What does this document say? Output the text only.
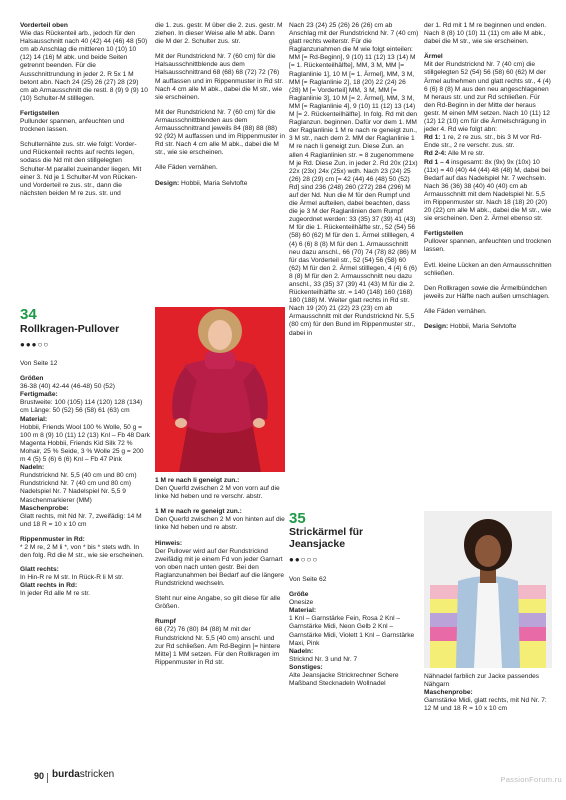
Vorderteil oben
Wie das Rückenteil arb., jedoch für den Halsausschnitt nach 40 (42) 44 (46) 48 (50) cm ab Anschlag die mittleren 10 (10) 10 (12) 14 (16) M abk. und beide Seiten getrennt beenden. Für die Ausschnittrundung in jeder 2. R 5x 1 M betont abn. Nach 24 (25) 26 (27) 28 (29) cm ab Armausschnitt die restl. 8 (9) 9 (9) 10 (10) Schulter-M stilllegen.

Fertigstellen
Pullunder spannen, anfeuchten und trocknen lassen.

Schulternähte zus. str. wie folgt: Vorder- und Rückenteil rechts auf rechts legen, sodass die Nd mit den stillgelegten Schulter-M parallel zueinander liegen. Mit einer 3. Nd je 1 Schulter-M von Rücken- und Vorderteil re zus. str., dann die nächsten beiden M re zus. str. und

die 1. zus. gestr. M über die 2. zus. gestr. M ziehen. In dieser Weise alle M abk. Dann die M der 2. Schulter zus. str.

Mit der Rundstricknd Nr. 7 (60 cm) für die Halsausschnittblende aus dem Halsausschnittrand 68 (68) 68 (72) 72 (76) M auffassen und im Rippenmuster in Rd str. Nach 4 cm alle M abk., dabei die M str., wie sie erscheinen.

Mit der Rundstricknd Nr. 7 (60 cm) für die Armausschnittblenden aus dem Armausschnittrand jeweils 84 (88) 88 (88) 92 (92) M auffassen und im Rippenmuster in Rd str. Nach 4 cm alle M abk., dabei die M str., wie sie erscheinen.

Alle Fäden vernähen.

Design: Hobbii, Maria Selvtofte

Nach 23 (24) 25 (26) 26 (26) cm ab Anschlag mit der Rundstricknd Nr. 7 (40 cm) glatt rechts weiterstr. Für die Raglanzunahmen die M wie folgt einteilen: MM [= Rd-Beginn], 9 (10) 11 (12) 13 (14) M [= 1. Rückenteilhälfte], MM, 3 M, MM [= Raglanlinie 1], 10 M [= 1. Ärmel], MM, 3 M, MM [= Raglanlinie 2], 18 (20) 22 (24) 26 (28) M [= Vorderteil] MM, 3 M, MM [= Raglanlinie 3], 10 M [= 2. Ärmel], MM, 3 M, MM [= Raglanlinie 4], 9 (10) 11 (12) 13 (14) M [= 2. Rückenteilhälfte]. In folg. Rd mit den Raglanzun. beginnen. Dafür vor dem 1. MM der Raglanlinie 1 M re nach re geneigt zun., 3 M str., nach dem 2. MM der Raglanlinie 1 M re nach li geneigt zun. Diese Zun. an allen 4 Raglanlinien str. = 8 zugenommene M je Rd. Diese Zun. in jeder 2. Rd 20x (21x) 22x (23x) 24x (25x) wdh. Nach 23 (24) 25 (26) 28 (29) cm [= 42 (44) 46 (48) 50 (52) Rd] sind 236 (248) 260 (272) 284 (296) M auf der Nd. Nun die M für den Rumpf und die Ärmel aufteilen, dabei beachten, dass die je 3 M der Raglanlinien dem Rumpf zugeordnet werden: 33 (35) 37 (39) 41 (43) M für die 1. Rückenteilhälfte str., 52 (54) 56 (58) 60 (62) M für den 1. Ärmel stilllegen, 4 (4) 6 (6) 8 (8) M für den 1. Armausschnitt neu dazu anschl., 66 (70) 74 (78) 82 (86) M für das Vorderteil str., 52 (54) 56 (58) 60 (62) M für den 2. Ärmel stilllegen, 4 (4) 6 (6) 8 (8) M für den 2. Armausschnitt neu dazu anschl., 33 (35) 37 (39) 41 (43) M für die 2. Rückenteilhälfte str. = 140 (148) 160 (168) 180 (188) M. Weiter glatt rechts in Rd str. Nach 19 (20) 21 (22) 23 (23) cm ab Armausschnitt mit der Rundstricknd Nr. 5,5 (80 cm) für den Bund im Rippenmuster str., dabei in

der 1. Rd mit 1 M re beginnen und enden. Nach 8 (8) 10 (10) 11 (11) cm alle M abk., dabei die M str., wie sie erscheinen.

Ärmel
Mit der Rundstricknd Nr. 7 (40 cm) die stillgelegten 52 (54) 56 (58) 60 (62) M der Ärmel aufnehmen und glatt rechts str., 4 (4) 6 (6) 8 (8) M aus den neu angeschlagenen M heraus str. und zur Rd schließen. Für den Rd-Beginn in der Mitte der heraus gestr. M einen MM setzen. Nach 10 (11) 12 (12) 12 (10) cm für die Ärmelschrägung in jeder 4. Rd wie folgt abn:
Rd 1: 1 re, 2 re zus. str., bis 3 M vor Rd-Ende str., 2 re verschr. zus. str.
Rd 2-4: Alle M re str.
Rd 1 – 4 insgesamt: 8x (9x) 9x (10x) 10 (11x) = 40 (40) 44 (44) 48 (48) M, dabei bei Bedarf auf das Nadelspiel Nr. 7 wechseln. Nach 36 (36) 38 (40) 40 (40) cm ab Armausschnitt mit dem Nadelspiel Nr. 5,5 im Rippenmuster str. Nach 18 (18) 20 (20) 20 (22) cm alle M abk., dabei die M str., wie sie erscheinen. Den 2. Ärmel ebenso str.

Fertigstellen
Pullover spannen, anfeuchten und trocknen lassen.

Evtl. kleine Lücken an den Armausschnitten schließen.

Den Rollkragen sowie die Ärmelbündchen jeweils zur Hälfte nach außen umschlagen.

Alle Fäden vernähen.

Design: Hobbii, Maria Selvtofte

34
Rollkragen-Pullover
●●●○○

Von Seite 12

Größen
36-38 (40) 42-44 (46-48) 50 (52)
Fertigmaße:
Brustweite: 100 (105) 114 (120) 128 (134) cm Länge: 50 (52) 56 (58) 61 (63) cm
Material:
Hobbii, Friends Wool 100 % Wolle, 50 g = 100 m 8 (9) 10 (11) 12 (13) Knl – Fb 48 Dark Magenta Hobbii, Friends Kid Silk 72 % Mohair, 25 % Seide, 3 % Wolle 25 g = 200 m 4 (5) 5 (6) 6 (6) Knl – Fb 47 Pink
Nadeln:
Rundstricknd Nr. 5,5 (40 cm und 80 cm) Rundstricknd Nr. 7 (40 cm und 80 cm) Nadelspiel Nr. 7 Nadelspiel Nr. 5,5 9 Maschenmarkierer (MM)

Maschenprobe:
Glatt rechts, mit Nd Nr. 7, zweifädig: 14 M und 18 R = 10 x 10 cm

Rippenmuster in Rd:
* 2 M re, 2 M li *, von * bis * stets wdh. In den folg. Rd die M str., wie sie erscheinen.
Glatt rechts:
In Hin-R re M str. In Rück-R li M str.
Glatt rechts in Rd:
In jeder Rd alle M re str.

1 M re nach li geneigt zun.:
Den Querfd zwischen 2 M von vorn auf die linke Nd heben und re verschr. abstr.

1 M re nach re geneigt zun.:
Den Querfd zwischen 2 M von hinten auf die linke Nd heben und re abstr.

Hinweis:
Der Pullover wird auf der Rundstricknd zweifädig mit je einem Fd von jeder Garnart von oben nach unten gestr. Bei den Raglanzunahmen bei Bedarf auf die längere Rundstricknd wechseln.

Steht nur eine Angabe, so gilt diese für alle Größen.

Rumpf
68 (72) 76 (80) 84 (88) M mit der Rundstricknd Nr. 5,5 (40 cm) anschl. und zur Rd schließen. Am Rd-Beginn [= hintere Mitte] 1 MM setzen. Für den Rollkragen im Rippenmuster in Rd str.

35
Strickärmel für
Jeansjacke
●●○○○

Von Seite 62

Größe
Onesize
Material:
1 Knl – Garnstärke Fein, Rosa 2 Knl – Garnstärke Midi, Neon Gelb 2 Knl – Garnstärke Midi, Violett 1 Knl – Garnstärke Maxi, Pink
Nadeln:
Stricknd Nr. 3 und Nr. 7
Sonstiges:
Alte Jeansjacke Strickrechner Schere Maßband Stecknadeln Wollnadel

Nähnadel farblich zur Jacke passendes Nähgarn

Maschenprobe:
Garnstärke Midi, glatt rechts, mit Nd Nr. 7: 12 M und 18 R = 10 x 10 cm
90 burdastricken	PassionForum.ru
